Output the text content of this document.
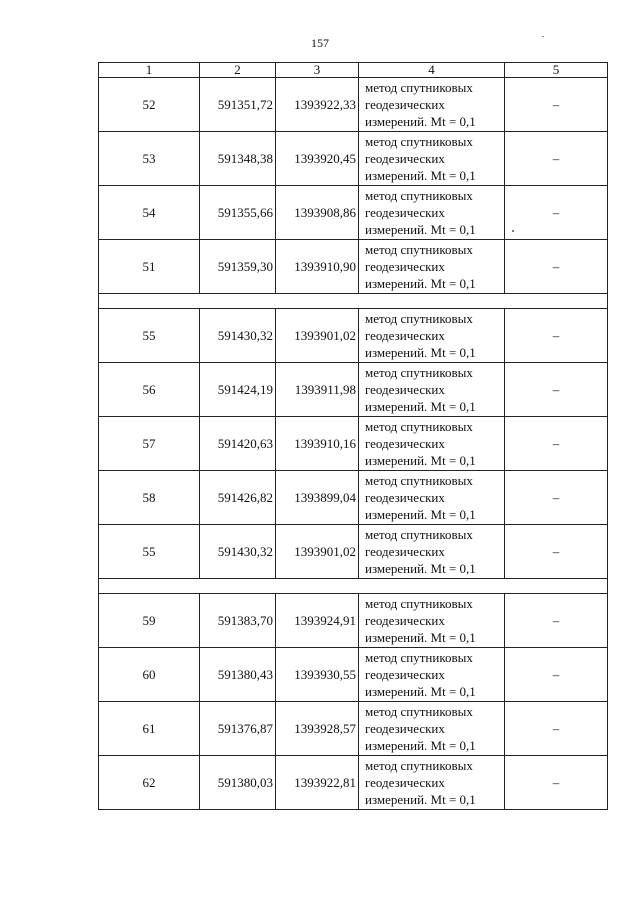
157
1	2	3	4	5
52	591351,72	1393922,33	метод спутниковых
геодезических
измерений. Mt = 0,1	–
53	591348,38	1393920,45	метод спутниковых
геодезических
измерений. Mt = 0,1	–
54	591355,66	1393908,86	метод спутниковых
геодезических
измерений. Mt = 0,1	–
51	591359,30	1393910,90	метод спутниковых
геодезических
измерений. Mt = 0,1	–

55	591430,32	1393901,02	метод спутниковых
геодезических
измерений. Mt = 0,1	–
56	591424,19	1393911,98	метод спутниковых
геодезических
измерений. Mt = 0,1	–
57	591420,63	1393910,16	метод спутниковых
геодезических
измерений. Mt = 0,1	–
58	591426,82	1393899,04	метод спутниковых
геодезических
измерений. Mt = 0,1	–
55	591430,32	1393901,02	метод спутниковых
геодезических
измерений. Mt = 0,1	–

59	591383,70	1393924,91	метод спутниковых
геодезических
измерений. Mt = 0,1	–
60	591380,43	1393930,55	метод спутниковых
геодезических
измерений. Mt = 0,1	–
61	591376,87	1393928,57	метод спутниковых
геодезических
измерений. Mt = 0,1	–
62	591380,03	1393922,81	метод спутниковых
геодезических
измерений. Mt = 0,1	–
